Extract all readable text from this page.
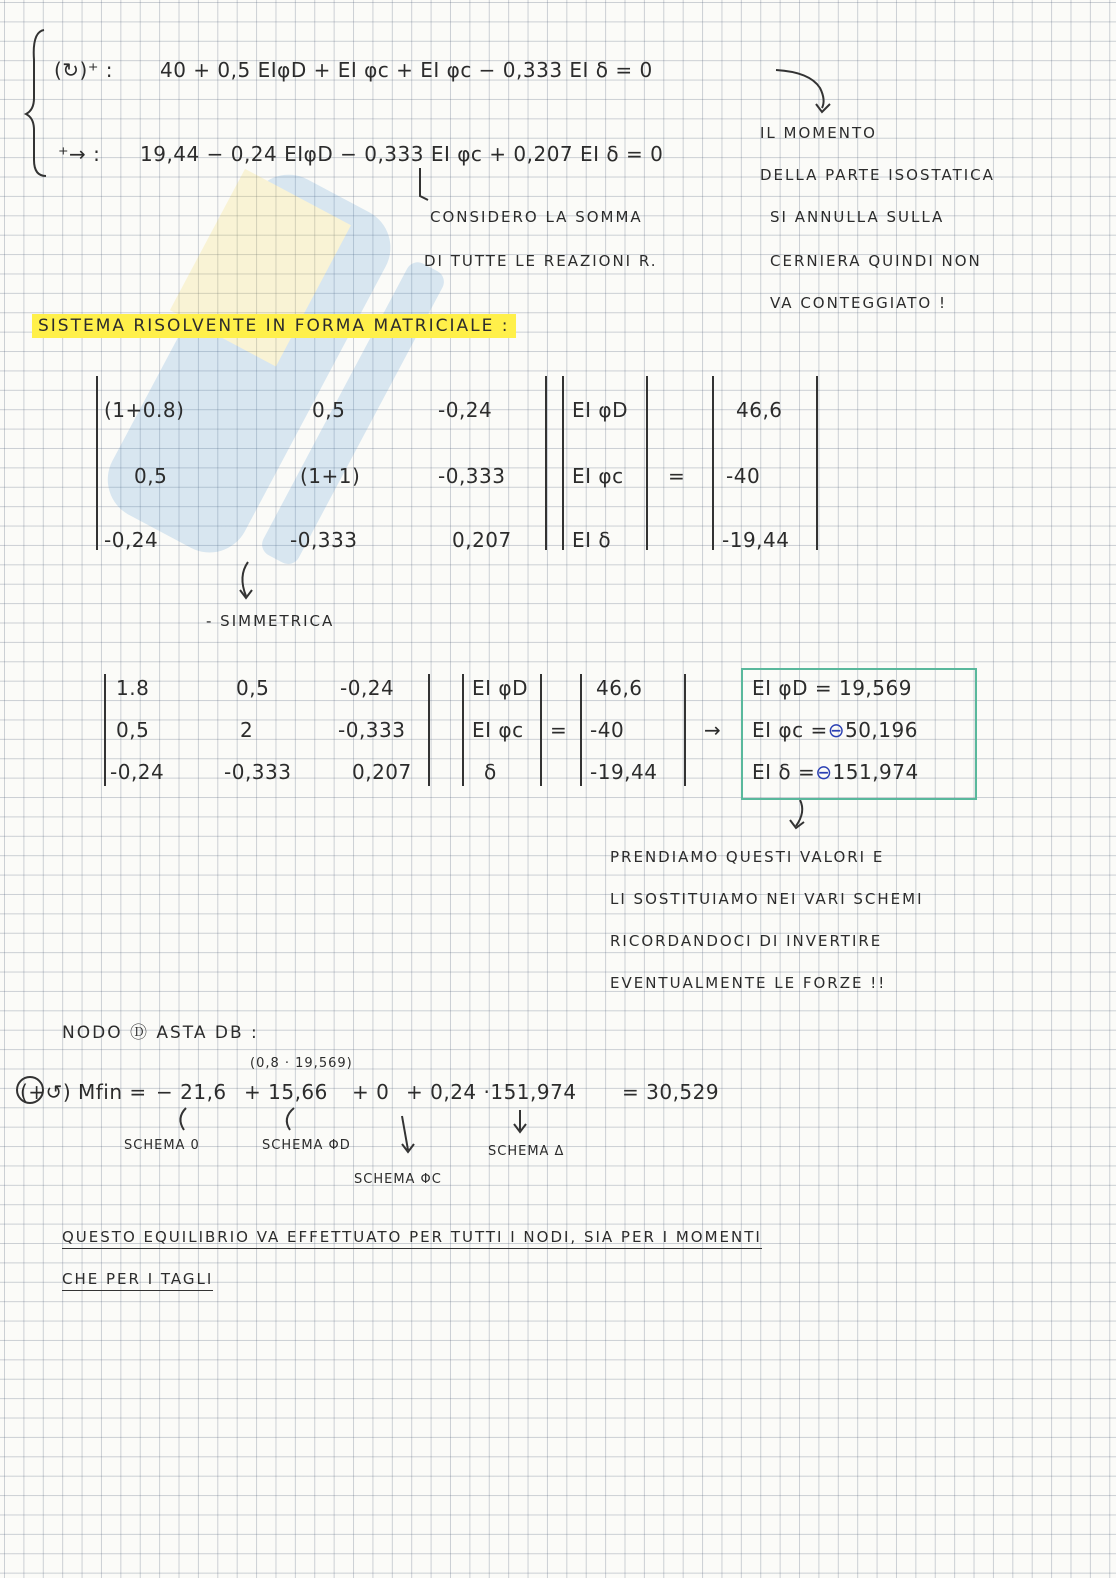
(↻)⁺ : 40 + 0,5 EIφD + EI φc + EI φc − 0,333 EI δ = 0
⁺→ : 19,44 − 0,24 EIφD − 0,333 EI φc + 0,207 EI δ = 0
CONSIDERO LA SOMMA
DI TUTTE LE REAZIONI R.
IL MOMENTO
DELLA PARTE ISOSTATICA
SI ANNULLA SULLA
CERNIERA QUINDI NON
VA CONTEGGIATO !
SISTEMA RISOLVENTE IN FORMA MATRICIALE :
(1+0.8)	0,5	-0,24
0,5	(1+1)	-0,333
-0,24	-0,333	0,207
EI φD
EI φc
EI δ
=
46,6
-40
-19,44
- SIMMETRICA
1.8	0,5	-0,24
0,5	2	-0,333
-0,24	-0,333	0,207
EI φD
EI φc
δ
=
46,6
-40
-19,44
→
EI φD = 19,569
EI φc =⊖50,196
EI δ =⊖151,974
PRENDIAMO QUESTI VALORI E
LI SOSTITUIAMO NEI VARI SCHEMI
RICORDANDOCI DI INVERTIRE
EVENTUALMENTE LE FORZE !!
NODO Ⓓ ASTA DB :
(0,8 · 19,569)
(+↺) Mfin = − 21,6 + 15,66 + 0 + 0,24 ·151,974 = 30,529
SCHEMA 0	SCHEMA ΦD
SCHEMA ΦC
SCHEMA Δ
QUESTO EQUILIBRIO VA EFFETTUATO PER TUTTI I NODI, SIA PER I MOMENTI
CHE PER I TAGLI
